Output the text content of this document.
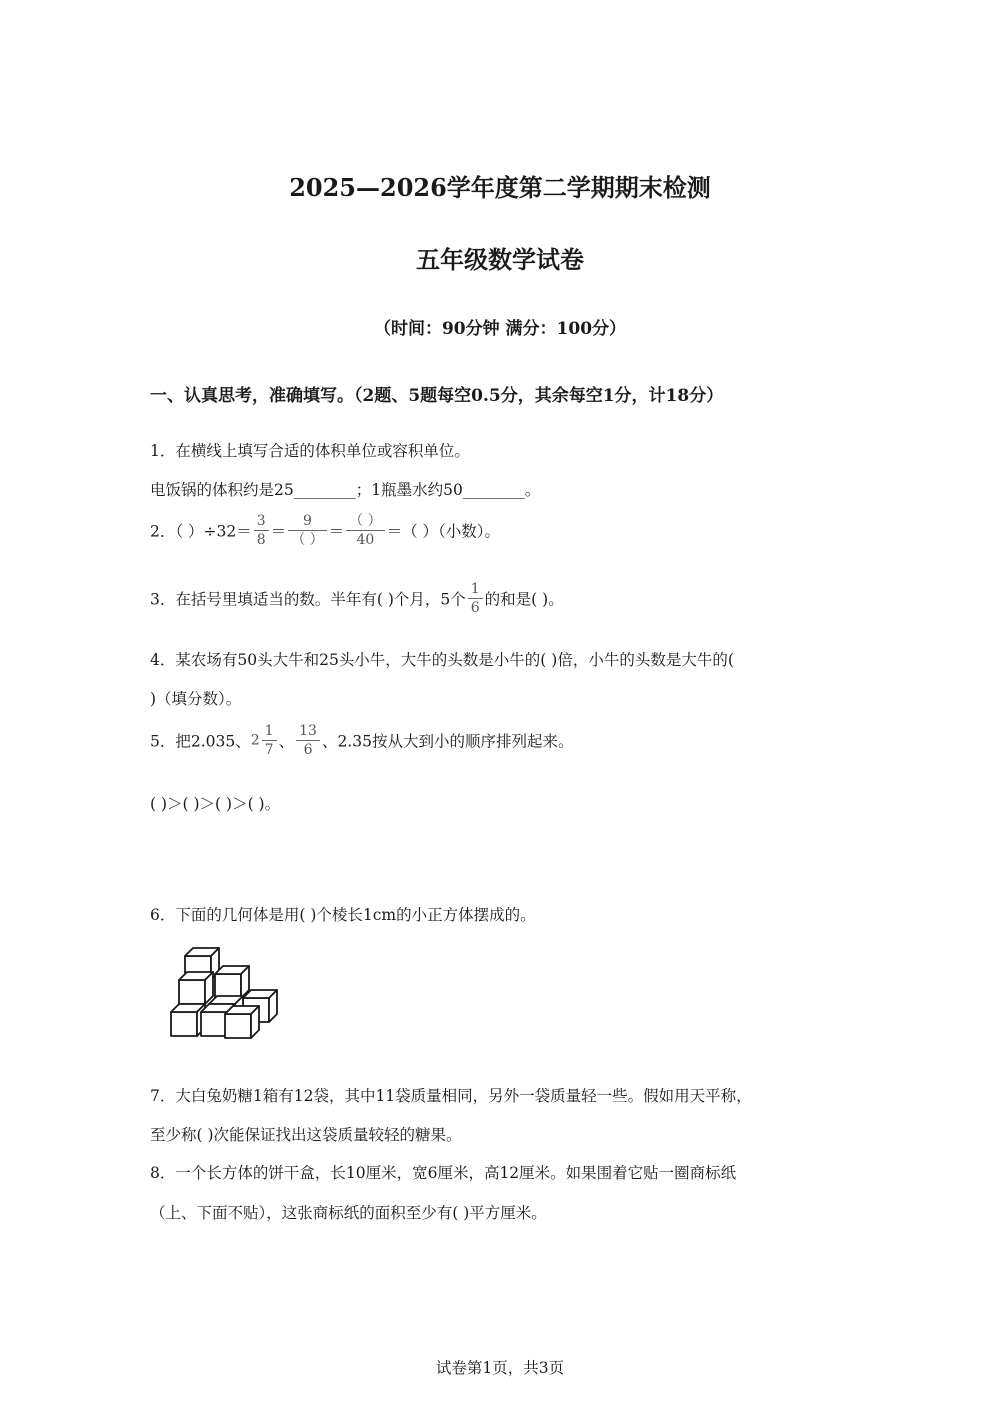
2025—2026学年度第二学期期末检测
五年级数学试卷
（时间：90分钟 满分：100分）
一、认真思考，准确填写。（2题、5题每空0.5分，其余每空1分，计18分）
1．在横线上填写合适的体积单位或容积单位。
电饭锅的体积约是25________；1瓶墨水约50________。
2．（ ）$\div 32= \frac{3}{8} = \frac{9}{( )} = \frac{( )}{40}$ ＝（ ）（小数）。
3．在括号里填适当的数。半年有( )个月，5个 $\frac{1}{6}$ 的和是( )。
4．某农场有50头大牛和25头小牛，大牛的头数是小牛的( )倍，小牛的头数是大牛的(
)（填分数）。
5．把2.035、$2 \frac{1}{7}$ 、 $\frac{13}{6}$ 、2.35按从大到小的顺序排列起来。
( )＞( )＞( )＞( )。
6．下面的几何体是用( )个棱长1cm的小正方体摆成的。
7．大白兔奶糖1箱有12袋，其中11袋质量相同，另外一袋质量轻一些。假如用天平称，
至少称( )次能保证找出这袋质量较轻的糖果。
8．一个长方体的饼干盒，长10厘米，宽6厘米，高12厘米。如果围着它贴一圈商标纸
（上、下面不贴），这张商标纸的面积至少有( )平方厘米。
试卷第1页，共3页
